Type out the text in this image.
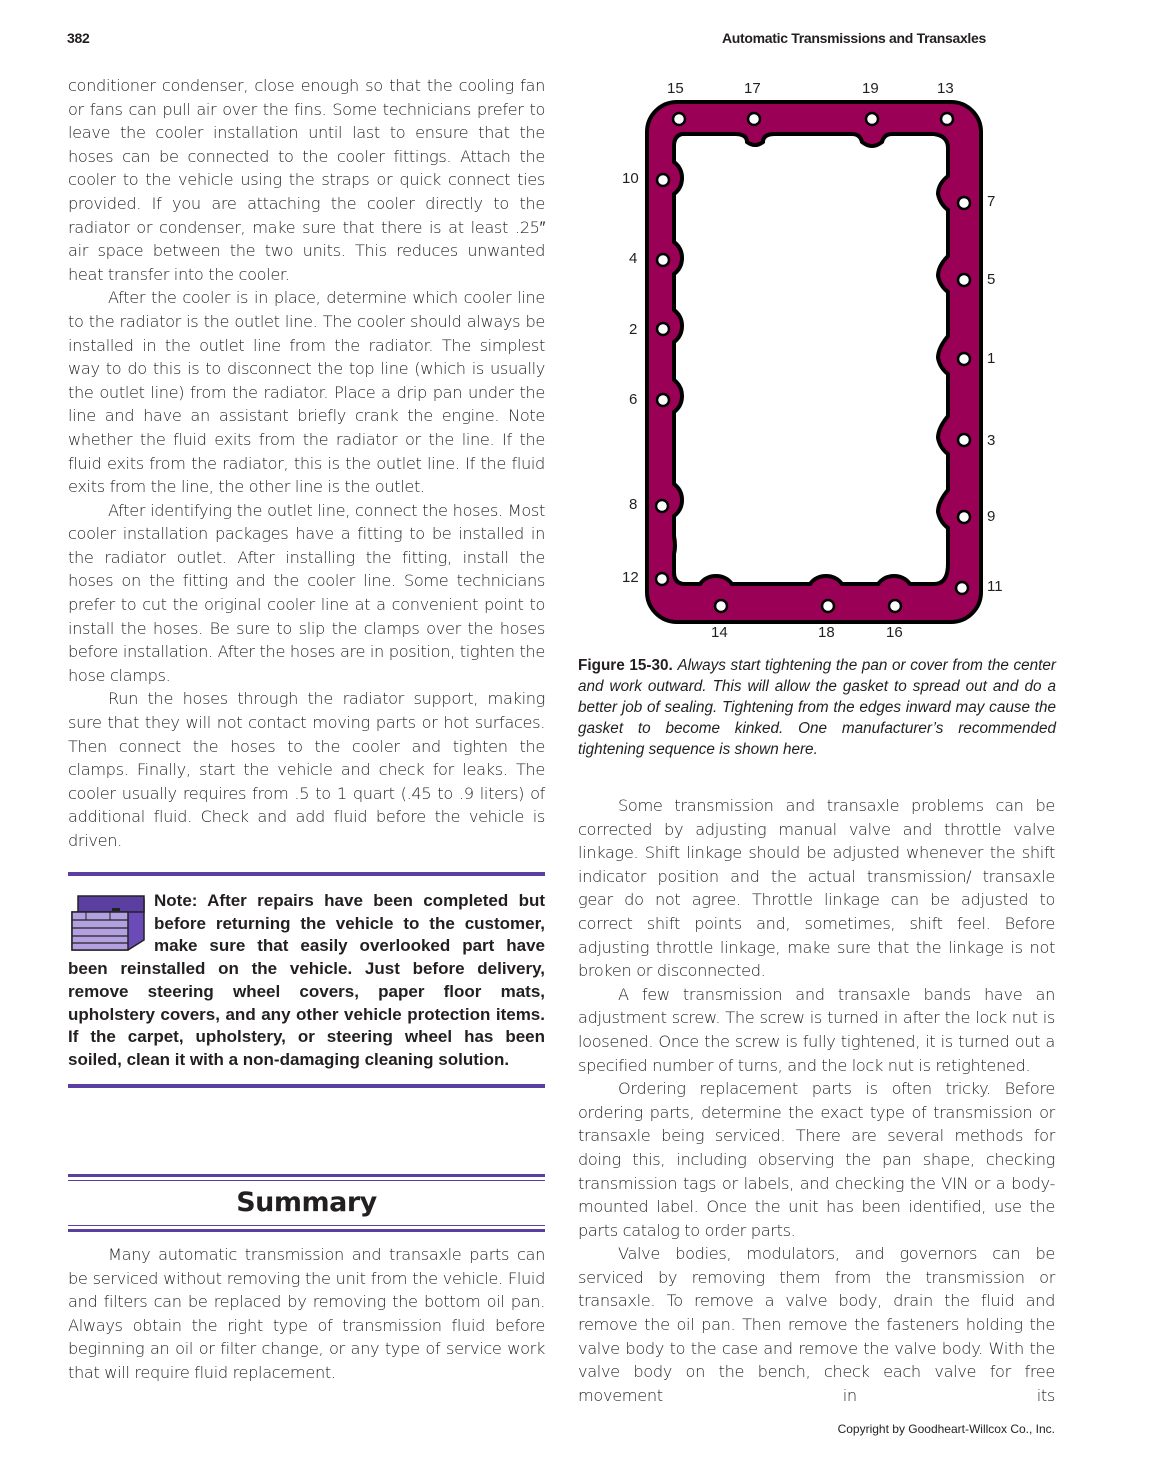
382	Automatic Transmissions and Transaxles

conditioner condenser, close enough so that the cooling fan or fans can pull air over the fins. Some technicians prefer to leave the cooler installation until last to ensure that the hoses can be connected to the cooler fittings. Attach the cooler to the vehicle using the straps or quick connect ties provided. If you are attaching the cooler directly to the radiator or condenser, make sure that there is at least .25″ air space between the two units. This reduces unwanted heat transfer into the cooler.

After the cooler is in place, determine which cooler line to the radiator is the outlet line. The cooler should always be installed in the outlet line from the radiator. The simplest way to do this is to disconnect the top line (which is usually the outlet line) from the radiator. Place a drip pan under the line and have an assistant briefly crank the engine. Note whether the fluid exits from the radiator or the line. If the fluid exits from the radiator, this is the outlet line. If the fluid exits from the line, the other line is the outlet.

After identifying the outlet line, connect the hoses. Most cooler installation packages have a fitting to be installed in the radiator outlet. After installing the fitting, install the hoses on the fitting and the cooler line. Some technicians prefer to cut the original cooler line at a convenient point to install the hoses. Be sure to slip the clamps over the hoses before installation. After the hoses are in position, tighten the hose clamps.

Run the hoses through the radiator support, making sure that they will not contact moving parts or hot surfaces. Then connect the hoses to the cooler and tighten the clamps. Finally, start the vehicle and check for leaks. The cooler usually requires from .5 to 1 quart (.45 to .9 liters) of additional fluid. Check and add fluid before the vehicle is driven.

Note: After repairs have been completed but before returning the vehicle to the customer, make sure that easily overlooked part have been reinstalled on the vehicle. Just before delivery, remove steering wheel covers, paper floor mats, upholstery covers, and any other vehicle protection items. If the carpet, upholstery, or steering wheel has been soiled, clean it with a non-damaging cleaning solution.
Summary

Many automatic transmission and transaxle parts can be serviced without removing the unit from the vehicle. Fluid and filters can be replaced by removing the bottom oil pan. Always obtain the right type of transmission fluid before beginning an oil or filter change, or any type of service work that will require fluid replacement.

15	17	19	13
10
4
2
6
8
12
7
5
1
3
9
11
14	18	16
Figure 15-30. Always start tightening the pan or cover from the center and work outward. This will allow the gasket to spread out and do a better job of sealing. Tightening from the edges inward may cause the gasket to become kinked. One manufacturer’s recommended tightening sequence is shown here.

Some transmission and transaxle problems can be corrected by adjusting manual valve and throttle valve linkage. Shift linkage should be adjusted whenever the shift indicator position and the actual transmission/ transaxle gear do not agree. Throttle linkage can be adjusted to correct shift points and, sometimes, shift feel. Before adjusting throttle linkage, make sure that the linkage is not broken or disconnected.

A few transmission and transaxle bands have an adjustment screw. The screw is turned in after the lock nut is loosened. Once the screw is fully tightened, it is turned out a specified number of turns, and the lock nut is retightened.

Ordering replacement parts is often tricky. Before ordering parts, determine the exact type of transmission or transaxle being serviced. There are several methods for doing this, including observing the pan shape, checking transmission tags or labels, and checking the VIN or a body-mounted label. Once the unit has been identified, use the parts catalog to order parts.

Valve bodies, modulators, and governors can be serviced by removing them from the transmission or transaxle. To remove a valve body, drain the fluid and remove the oil pan. Then remove the fasteners holding the valve body to the case and remove the valve body. With the valve body on the bench, check each valve for free movement in its

Copyright by Goodheart-Willcox Co., Inc.
